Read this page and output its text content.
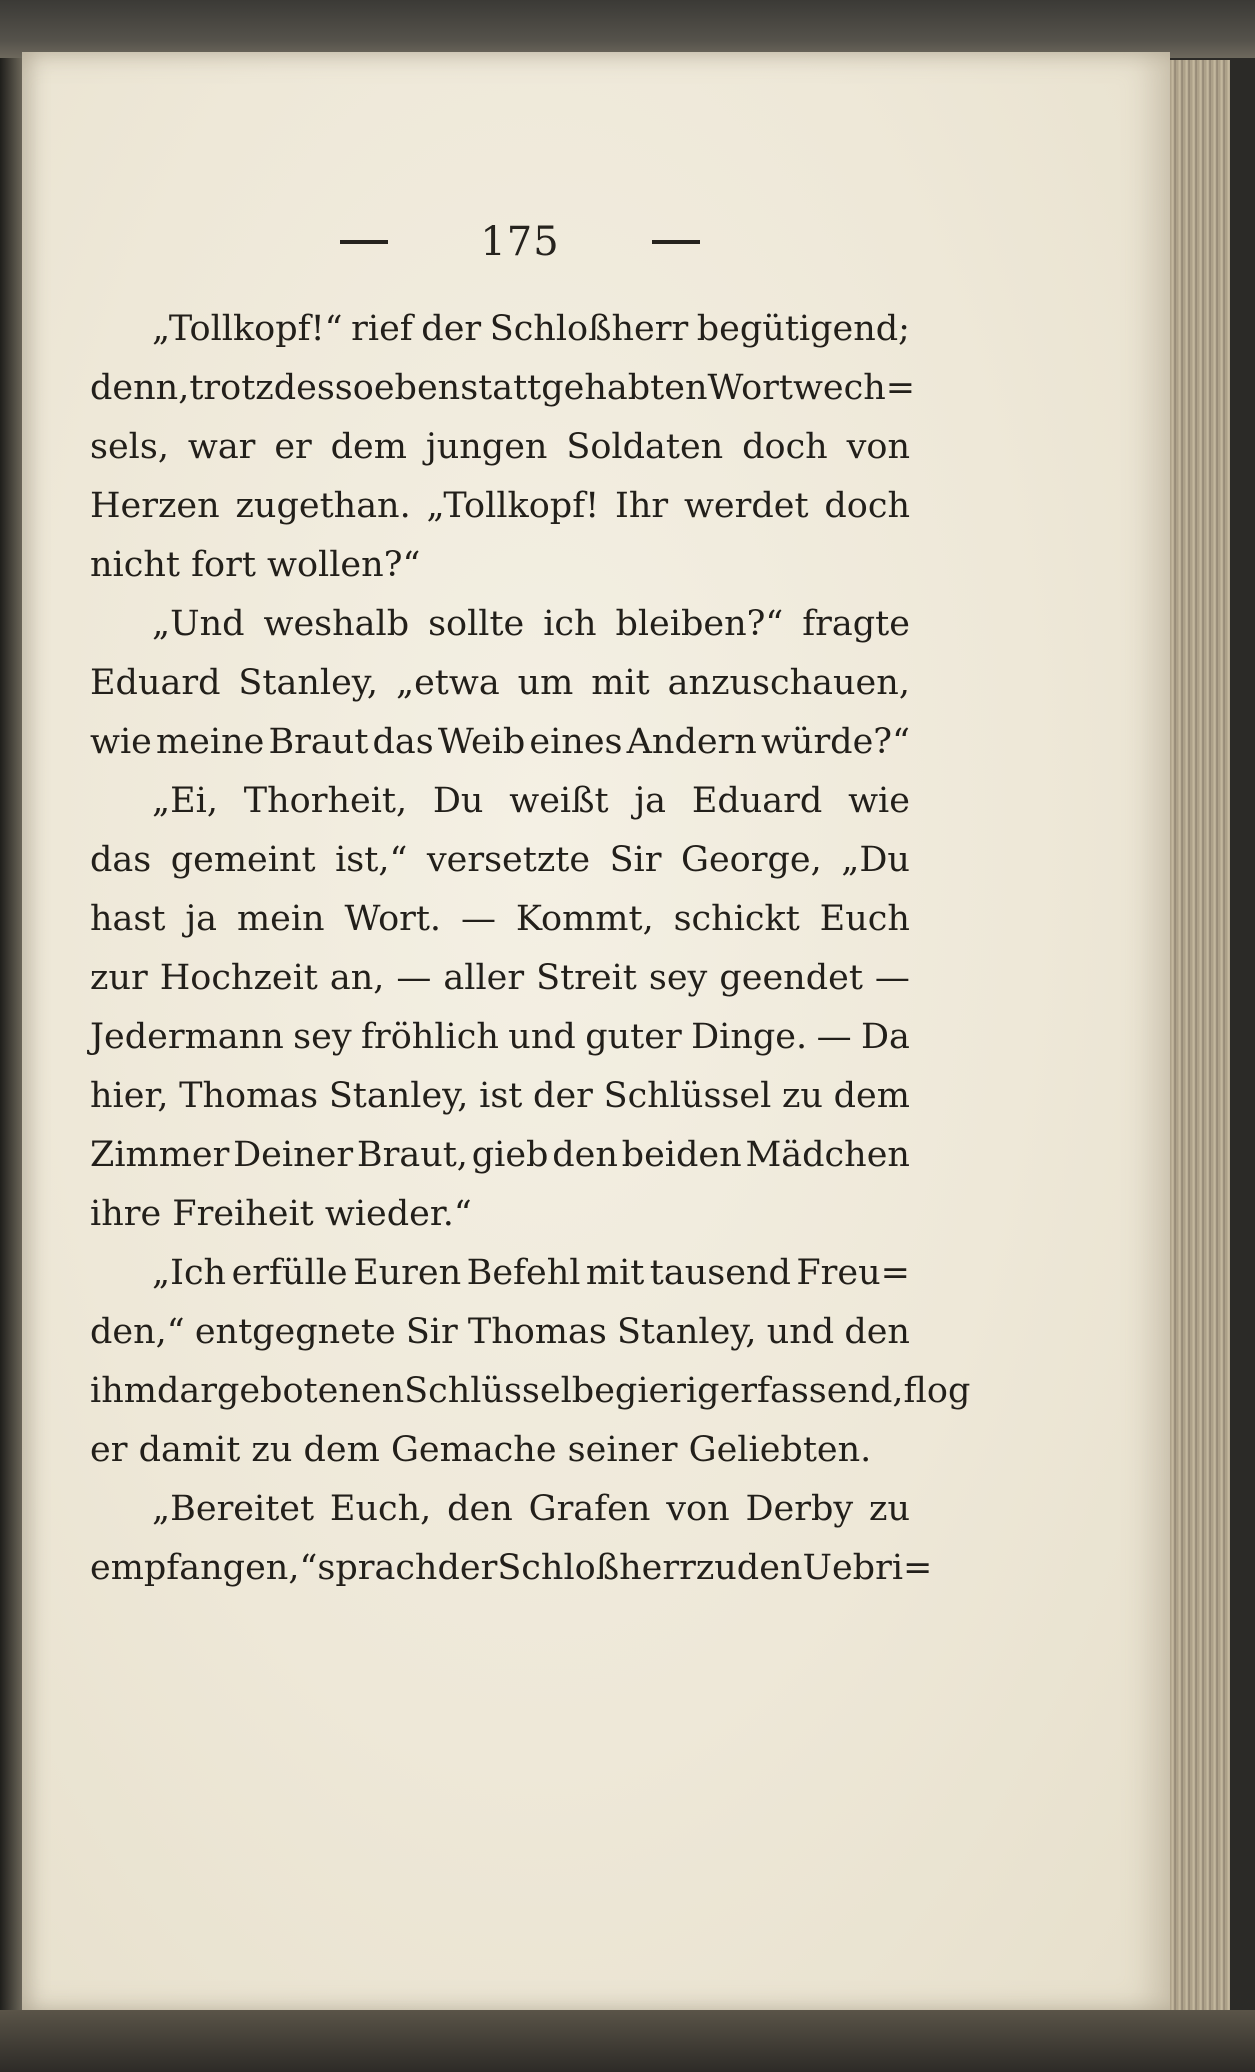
175
„Tollkopf!“ rief der Schloßherr begütigend;
denn, trotz des so eben statt gehabten Wortwech=
sels, war er dem jungen Soldaten doch von
Herzen zugethan. „Tollkopf! Ihr werdet doch
nicht fort wollen?“
„Und weshalb sollte ich bleiben?“ fragte
Eduard Stanley, „etwa um mit anzuschauen,
wie meine Braut das Weib eines Andern würde?“
„Ei, Thorheit, Du weißt ja Eduard wie
das gemeint ist,“ versetzte Sir George, „Du
hast ja mein Wort. — Kommt, schickt Euch
zur Hochzeit an, — aller Streit sey geendet —
Jedermann sey fröhlich und guter Dinge. — Da
hier, Thomas Stanley, ist der Schlüssel zu dem
Zimmer Deiner Braut, gieb den beiden Mädchen
ihre Freiheit wieder.“
„Ich erfülle Euren Befehl mit tausend Freu=
den,“ entgegnete Sir Thomas Stanley, und den
ihm dargebotenen Schlüssel begierig erfassend, flog
er damit zu dem Gemache seiner Geliebten.
„Bereitet Euch, den Grafen von Derby zu
empfangen,“ sprach der Schloßherr zu den Uebri=
